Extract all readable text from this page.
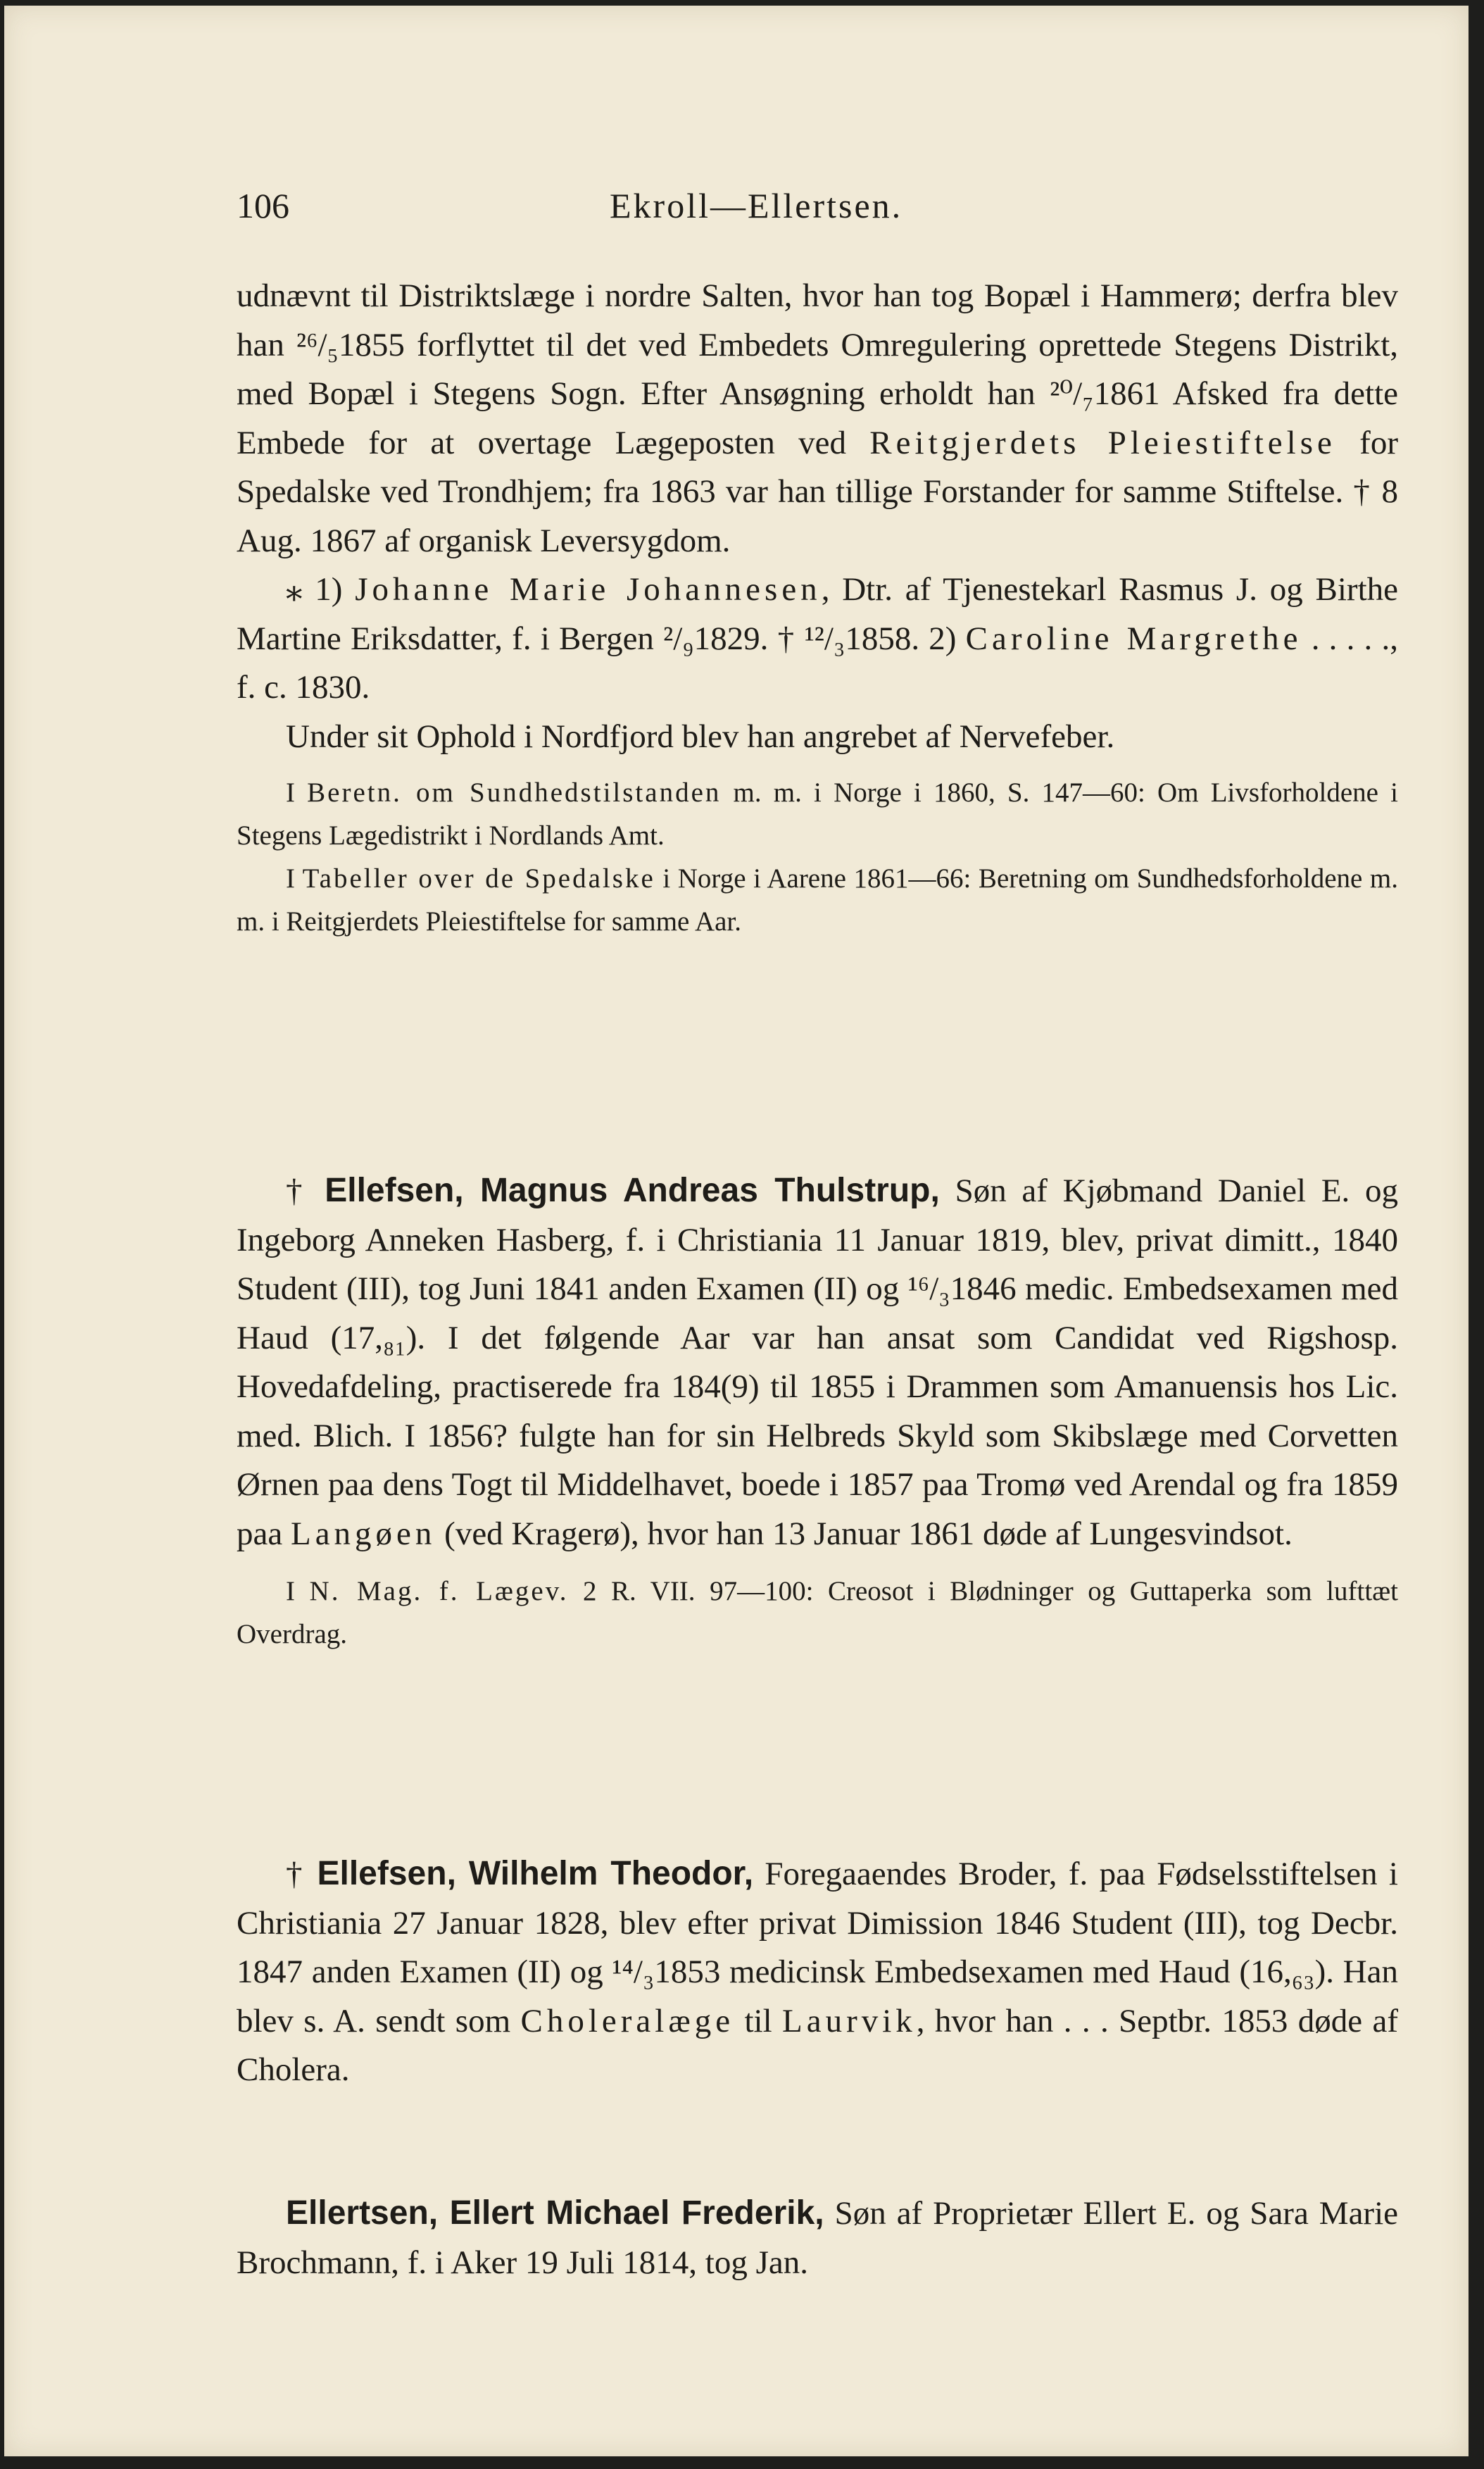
106	Ekroll—Ellertsen.

udnævnt til Distriktslæge i nordre Salten, hvor han tog Bopæl i Hammerø; derfra blev han ²⁶/₅1855 forflyttet til det ved Embedets Omregulering oprettede Stegens Distrikt, med Bopæl i Stegens Sogn. Efter Ansøgning erholdt han ²⁰/₇1861 Afsked fra dette Embede for at overtage Lægeposten ved Reitgjerdets Pleiestiftelse for Spedalske ved Trondhjem; fra 1863 var han tillige Forstander for samme Stiftelse. † 8 Aug. 1867 af organisk Leversygdom.

⁎ 1) Johanne Marie Johannesen, Dtr. af Tjenestekarl Rasmus J. og Birthe Martine Eriksdatter, f. i Bergen ²/₉1829. † ¹²/₃1858. 2) Caroline Margrethe . . . . ., f. c. 1830.

Under sit Ophold i Nordfjord blev han angrebet af Nervefeber.

I Beretn. om Sundhedstilstanden m. m. i Norge i 1860, S. 147—60: Om Livsforholdene i Stegens Lægedistrikt i Nordlands Amt.

I Tabeller over de Spedalske i Norge i Aarene 1861—66: Beretning om Sundhedsforholdene m. m. i Reitgjerdets Pleiestiftelse for samme Aar.

† Ellefsen, Magnus Andreas Thulstrup, Søn af Kjøbmand Daniel E. og Ingeborg Anneken Hasberg, f. i Christiania 11 Januar 1819, blev, privat dimitt., 1840 Student (III), tog Juni 1841 anden Examen (II) og ¹⁶/₃1846 medic. Embedsexamen med Haud (17,₈₁). I det følgende Aar var han ansat som Candidat ved Rigshosp. Hovedafdeling, practiserede fra 184(9) til 1855 i Drammen som Amanuensis hos Lic. med. Blich. I 1856? fulgte han for sin Helbreds Skyld som Skibslæge med Corvetten Ørnen paa dens Togt til Middelhavet, boede i 1857 paa Tromø ved Arendal og fra 1859 paa Langøen (ved Kragerø), hvor han 13 Januar 1861 døde af Lungesvindsot.

I N. Mag. f. Lægev. 2 R. VII. 97—100: Creosot i Blødninger og Guttaperka som lufttæt Overdrag.

† Ellefsen, Wilhelm Theodor, Foregaaendes Broder, f. paa Fødselsstiftelsen i Christiania 27 Januar 1828, blev efter privat Dimission 1846 Student (III), tog Decbr. 1847 anden Examen (II) og ¹⁴/₃1853 medicinsk Embedsexamen med Haud (16,₆₃). Han blev s. A. sendt som Choleralæge til Laurvik, hvor han . . . Septbr. 1853 døde af Cholera.

Ellertsen, Ellert Michael Frederik, Søn af Proprietær Ellert E. og Sara Marie Brochmann, f. i Aker 19 Juli 1814, tog Jan.
